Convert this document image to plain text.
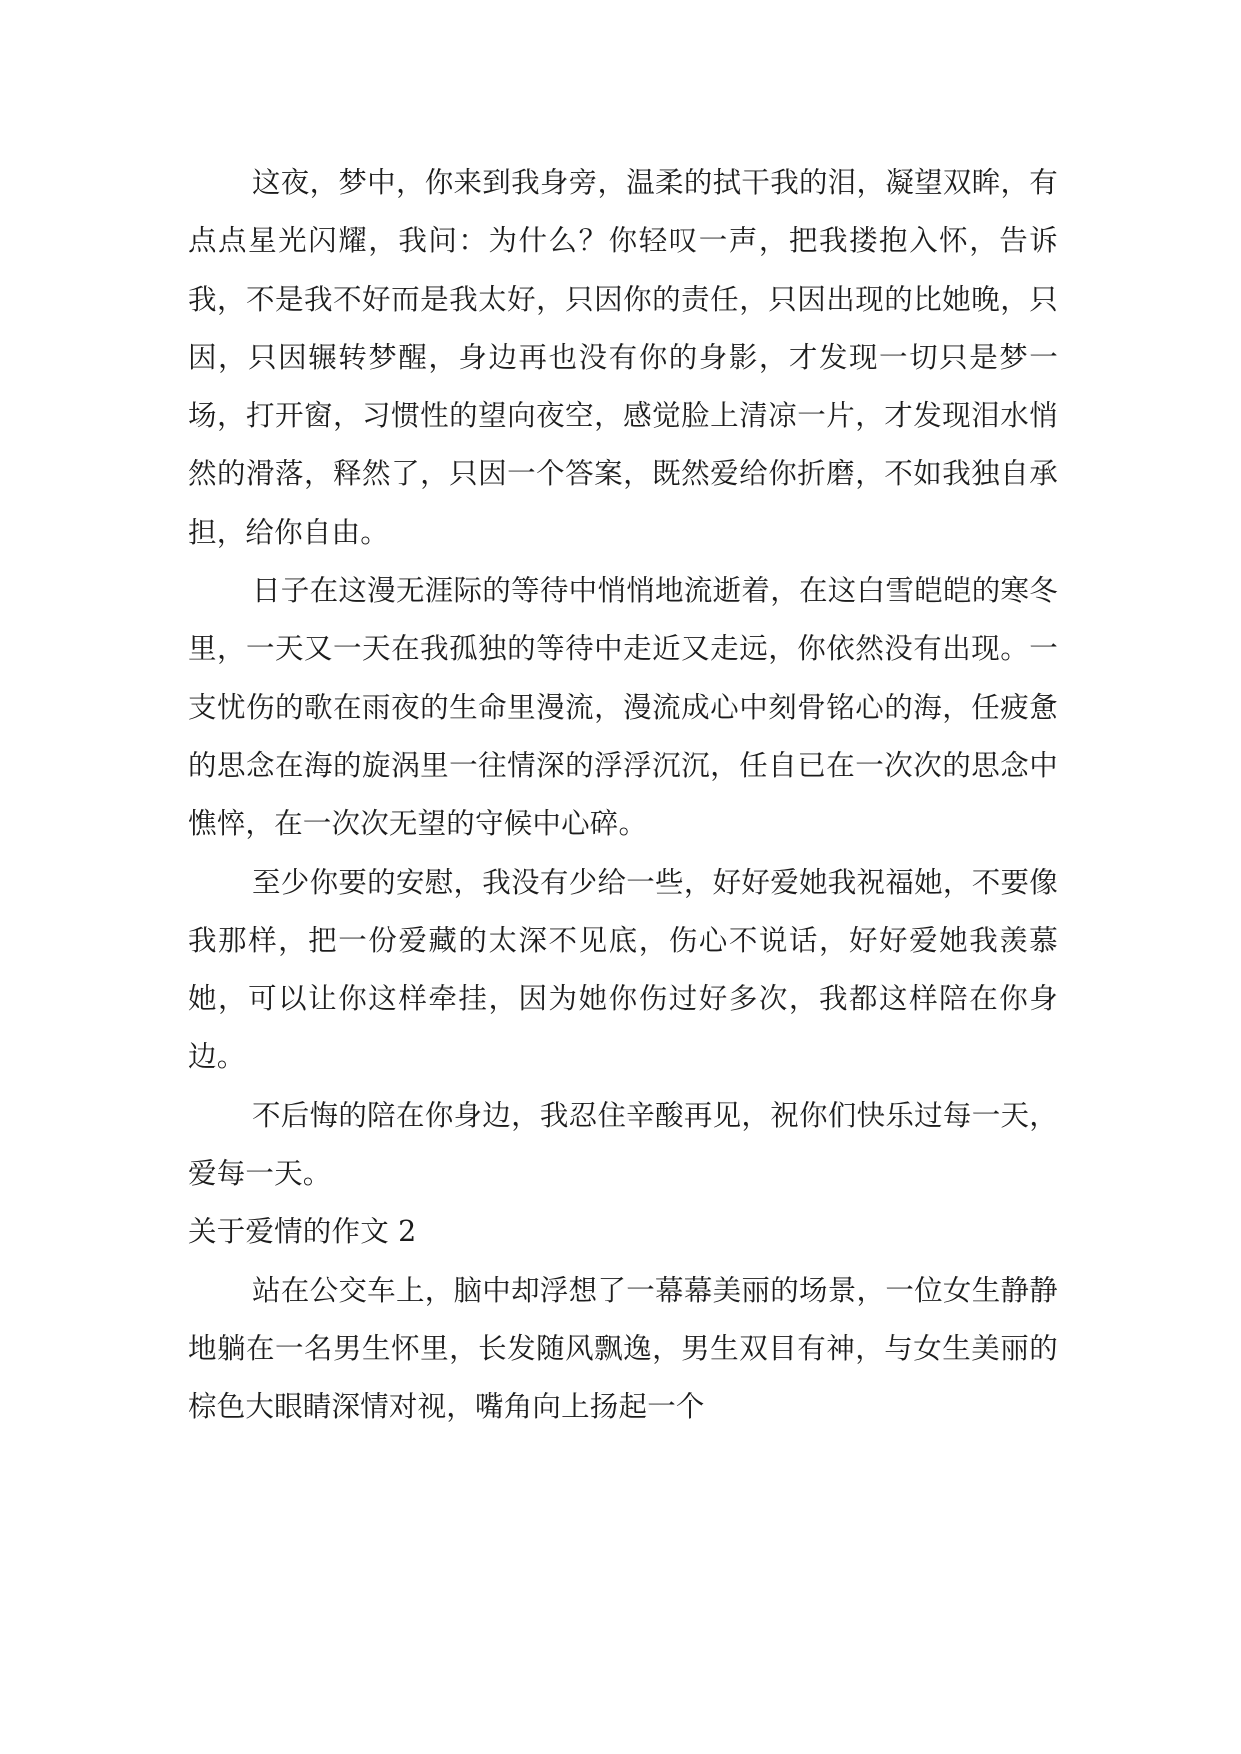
这夜，梦中，你来到我身旁，温柔的拭干我的泪，凝望双眸，有点点星光闪耀，我问：为什么？你轻叹一声，把我搂抱入怀，告诉我，不是我不好而是我太好，只因你的责任，只因出现的比她晚，只因，只因辗转梦醒，身边再也没有你的身影，才发现一切只是梦一场，打开窗，习惯性的望向夜空，感觉脸上清凉一片，才发现泪水悄然的滑落，释然了，只因一个答案，既然爱给你折磨，不如我独自承担，给你自由。

日子在这漫无涯际的等待中悄悄地流逝着，在这白雪皑皑的寒冬里，一天又一天在我孤独的等待中走近又走远，你依然没有出现。一支忧伤的歌在雨夜的生命里漫流，漫流成心中刻骨铭心的海，任疲惫的思念在海的旋涡里一往情深的浮浮沉沉，任自已在一次次的思念中憔悴，在一次次无望的守候中心碎。

至少你要的安慰，我没有少给一些，好好爱她我祝福她，不要像我那样，把一份爱藏的太深不见底，伤心不说话，好好爱她我羡慕她，可以让你这样牵挂，因为她你伤过好多次，我都这样陪在你身边。

不后悔的陪在你身边，我忍住辛酸再见，祝你们快乐过每一天，爱每一天。

关于爱情的作文 2

站在公交车上，脑中却浮想了一幕幕美丽的场景，一位女生静静地躺在一名男生怀里，长发随风飘逸，男生双目有神，与女生美丽的棕色大眼睛深情对视，嘴角向上扬起一个
